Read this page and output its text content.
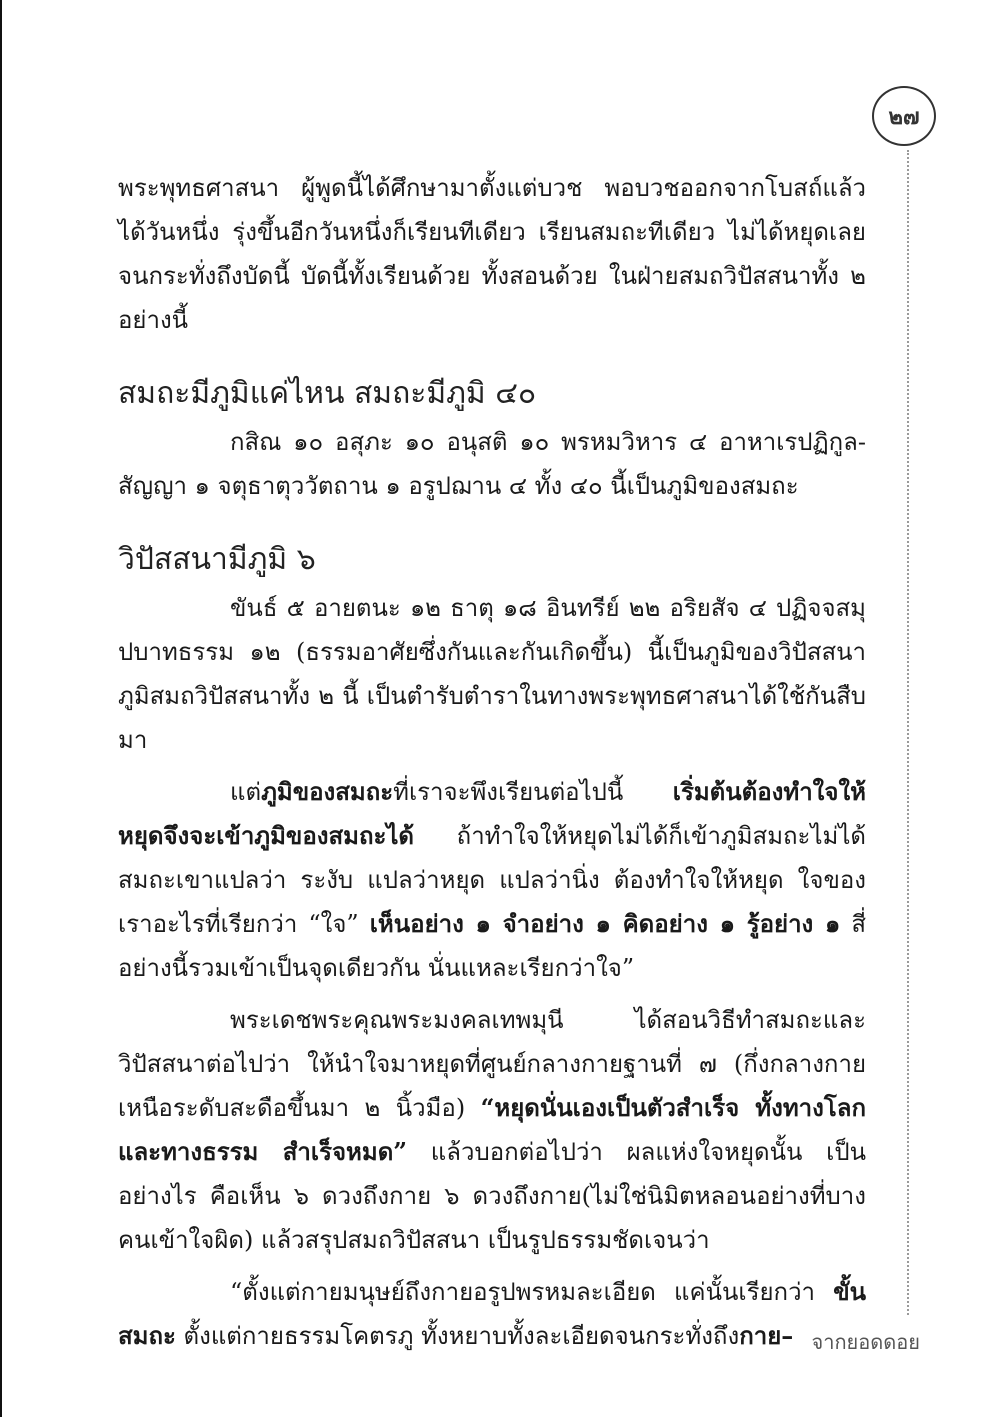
๒๗

พระพุทธศาสนา ผู้พูดนี้ได้ศึกษามาตั้งแต่บวช พอบวชออกจากโบสถ์แล้ว ได้วันหนึ่ง รุ่งขึ้นอีกวันหนึ่งก็เรียนทีเดียว เรียนสมถะทีเดียว ไม่ได้หยุดเลย จนกระทั่งถึงบัดนี้ บัดนี้ทั้งเรียนด้วย ทั้งสอนด้วย ในฝ่ายสมถวิปัสสนาทั้ง ๒ อย่างนี้

สมถะมีภูมิแค่ไหน สมถะมีภูมิ ๔๐

กสิณ ๑๐ อสุภะ ๑๐ อนุสติ ๑๐ พรหมวิหาร ๔ อาหาเรปฏิกูล-สัญญา ๑ จตุธาตุววัตถาน ๑ อรูปฌาน ๔ ทั้ง ๔๐ นี้เป็นภูมิของสมถะ

วิปัสสนามีภูมิ ๖

ขันธ์ ๕ อายตนะ ๑๒ ธาตุ ๑๘ อินทรีย์ ๒๒ อริยสัจ ๔ ปฏิจจสมุปบาทธรรม ๑๒ (ธรรมอาศัยซึ่งกันและกันเกิดขึ้น) นี้เป็นภูมิของวิปัสสนา ภูมิสมถวิปัสสนาทั้ง ๒ นี้ เป็นตำรับตำราในทางพระพุทธศาสนาได้ใช้กันสืบมา

แต่ภูมิของสมถะที่เราจะพึงเรียนต่อไปนี้ เริ่มต้นต้องทำใจให้หยุดจึงจะเข้าภูมิของสมถะได้ ถ้าทำใจให้หยุดไม่ได้ก็เข้าภูมิสมถะไม่ได้ สมถะเขาแปลว่า ระงับ แปลว่าหยุด แปลว่านิ่ง ต้องทำใจให้หยุด ใจของเราอะไรที่เรียกว่า “ใจ” เห็นอย่าง ๑ จำอย่าง ๑ คิดอย่าง ๑ รู้อย่าง ๑ สี่อย่างนี้รวมเข้าเป็นจุดเดียวกัน นั่นแหละเรียกว่าใจ”

พระเดชพระคุณพระมงคลเทพมุนี ได้สอนวิธีทำสมถะและวิปัสสนาต่อไปว่า ให้นำใจมาหยุดที่ศูนย์กลางกายฐานที่ ๗ (กึ่งกลางกายเหนือระดับสะดือขึ้นมา ๒ นิ้วมือ) “หยุดนั่นเองเป็นตัวสำเร็จ ทั้งทางโลกและทางธรรม สำเร็จหมด” แล้วบอกต่อไปว่า ผลแห่งใจหยุดนั้น เป็นอย่างไร คือเห็น ๖ ดวงถึงกาย ๖ ดวงถึงกาย(ไม่ใช่นิมิตหลอนอย่างที่บางคนเข้าใจผิด) แล้วสรุปสมถวิปัสสนา เป็นรูปธรรมชัดเจนว่า

“ตั้งแต่กายมนุษย์ถึงกายอรูปพรหมละเอียด แค่นั้นเรียกว่า ขั้นสมถะ ตั้งแต่กายธรรมโคตรภู ทั้งหยาบทั้งละเอียดจนกระทั่งถึงกาย– จากยอดดอย
